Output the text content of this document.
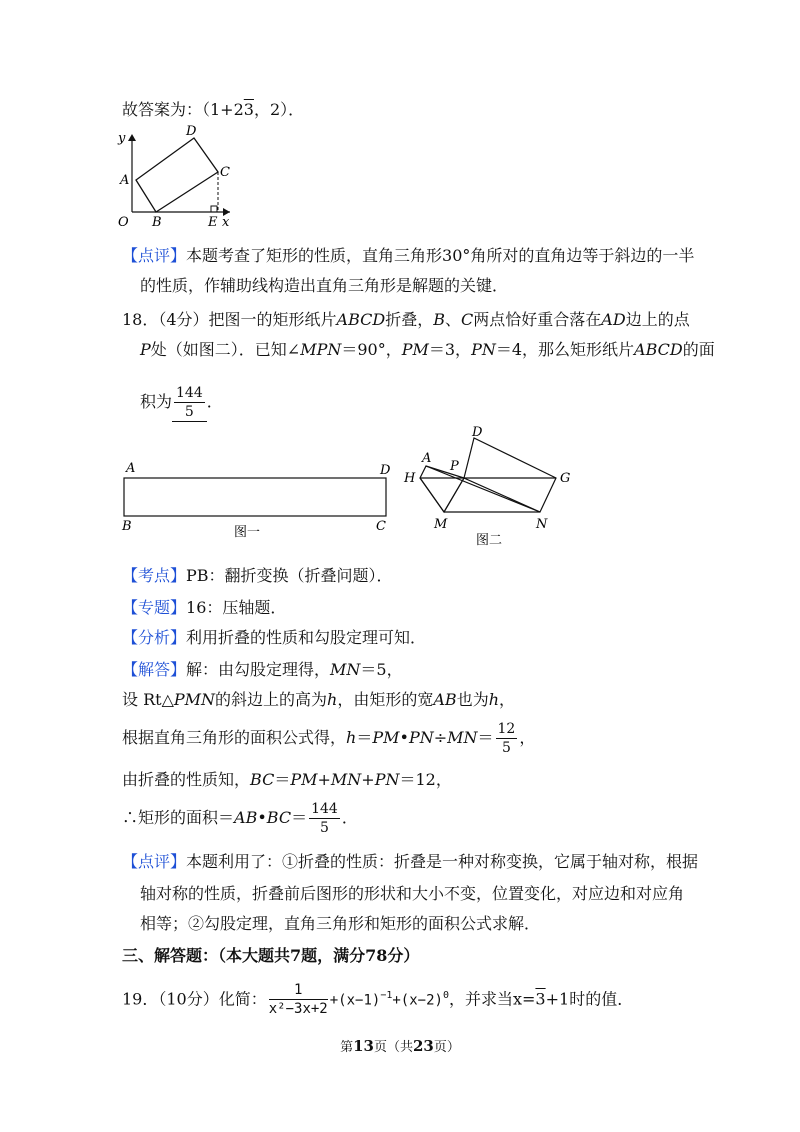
故答案为：（1+23，2）．
y	D
A
C
O B	E x
【点评】本题考查了矩形的性质，直角三角形30°角所对的直角边等于斜边的一半
的性质，作辅助线构造出直角三角形是解题的关键．
18．（4分）把图一的矩形纸片ABCD折叠，B、C两点恰好重合落在AD边上的点
P处（如图二）．已知∠MPN＝90°，PM＝3，PN＝4，那么矩形纸片ABCD的面
积为 $\frac{144}{5}$ ．
A	D
B	C
图一
D
A
P
H	G
M	N
图二
【考点】PB：翻折变换（折叠问题）．
【专题】16：压轴题．
【分析】利用折叠的性质和勾股定理可知．
【解答】解：由勾股定理得，MN＝5，
设 Rt△PMN的斜边上的高为h，由矩形的宽AB也为h，
根据直角三角形的面积公式得，h＝PM•PN÷MN＝ $\frac{12}{5}$ ，
由折叠的性质知，BC＝PM+MN+PN＝12，
∴矩形的面积＝AB•BC＝ $\frac{144}{5}$ ．
【点评】本题利用了：①折叠的性质：折叠是一种对称变换，它属于轴对称，根据
轴对称的性质，折叠前后图形的形状和大小不变，位置变化，对应边和对应角
相等；②勾股定理，直角三角形和矩形的面积公式求解．
三、解答题：（本大题共7题，满分78分）
19．（10分）化简： $\frac{1}{\text{x²−3x+2}} +(x-1)^{-1}+(x-2)^0$，并求当x=3+1时的值．
第13页（共23页）
